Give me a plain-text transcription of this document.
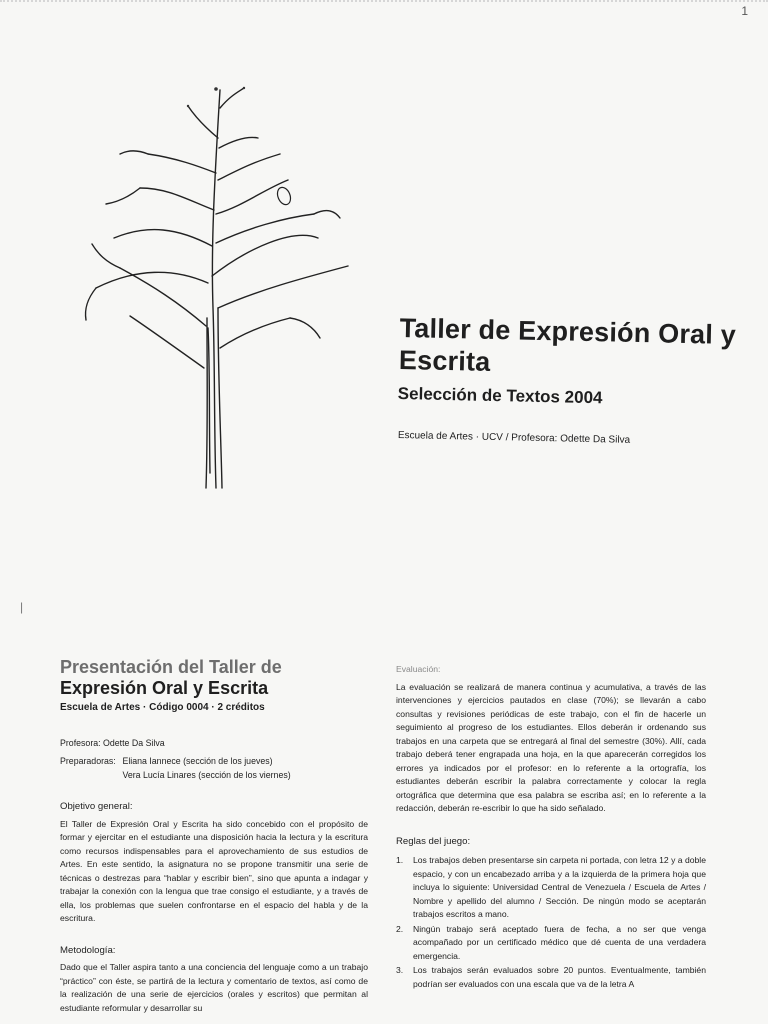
1
Taller de Expresión Oral y Escrita
Selección de Textos 2004
Escuela de Artes · UCV / Profesora: Odette Da Silva
|
Presentación del Taller de
Expresión Oral y Escrita
Escuela de Artes · Código 0004 · 2 créditos
Profesora: Odette Da Silva
Preparadoras: Eliana Iannece (sección de los jueves)
Vera Lucía Linares (sección de los viernes)
Objetivo general:

El Taller de Expresión Oral y Escrita ha sido concebido con el propósito de formar y ejercitar en el estudiante una disposición hacia la lectura y la escritura como recursos indispensables para el aprovechamiento de sus estudios de Artes. En este sentido, la asignatura no se propone transmitir una serie de técnicas o destrezas para “hablar y escribir bien”, sino que apunta a indagar y trabajar la conexión con la lengua que trae consigo el estudiante, y a través de ella, los problemas que suelen confrontarse en el espacio del habla y de la escritura.

Metodología:

Dado que el Taller aspira tanto a una conciencia del lenguaje como a un trabajo “práctico” con éste, se partirá de la lectura y comentario de textos, así como de la realización de una serie de ejercicios (orales y escritos) que permitan al estudiante reformular y desarrollar su

Evaluación:

La evaluación se realizará de manera continua y acumulativa, a través de las intervenciones y ejercicios pautados en clase (70%); se llevarán a cabo consultas y revisiones periódicas de este trabajo, con el fin de hacerle un seguimiento al progreso de los estudiantes. Ellos deberán ir ordenando sus trabajos en una carpeta que se entregará al final del semestre (30%). Allí, cada trabajo deberá tener engrapada una hoja, en la que aparecerán corregidos los errores ya indicados por el profesor: en lo referente a la ortografía, los estudiantes deberán escribir la palabra correctamente y colocar la regla ortográfica que determina que esa palabra se escriba así; en lo referente a la redacción, deberán re-escribir lo que ha sido señalado.

Reglas del juego:
1.	Los trabajos deben presentarse sin carpeta ni portada, con letra 12 y a doble espacio, y con un encabezado arriba y a la izquierda de la primera hoja que incluya lo siguiente: Universidad Central de Venezuela / Escuela de Artes / Nombre y apellido del alumno / Sección. De ningún modo se aceptarán trabajos escritos a mano.
2.	Ningún trabajo será aceptado fuera de fecha, a no ser que venga acompañado por un certificado médico que dé cuenta de una verdadera emergencia.
3.	Los trabajos serán evaluados sobre 20 puntos. Eventualmente, también podrían ser evaluados con una escala que va de la letra A
